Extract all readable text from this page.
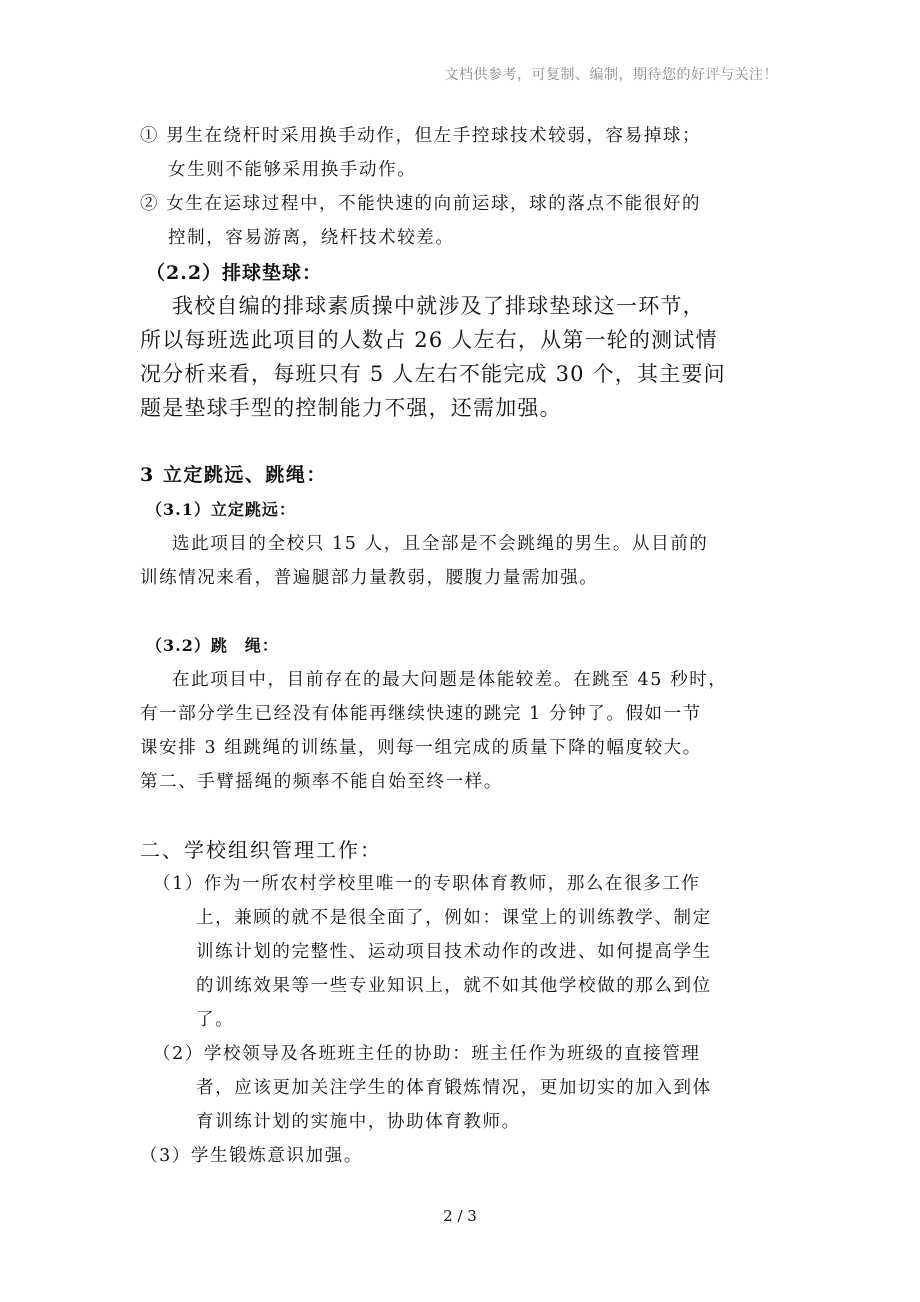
文档供参考，可复制、编制，期待您的好评与关注！
① 男生在绕杆时采用换手动作，但左手控球技术较弱，容易掉球；
女生则不能够采用换手动作。
② 女生在运球过程中，不能快速的向前运球，球的落点不能很好的
控制，容易游离，绕杆技术较差。
（2.2）排球垫球：
我校自编的排球素质操中就涉及了排球垫球这一环节，
所以每班选此项目的人数占 26 人左右，从第一轮的测试情
况分析来看，每班只有 5 人左右不能完成 30 个，其主要问
题是垫球手型的控制能力不强，还需加强。
3 立定跳远、跳绳：
（3.1）立定跳远：
选此项目的全校只 15 人，且全部是不会跳绳的男生。从目前的
训练情况来看，普遍腿部力量教弱，腰腹力量需加强。
（3.2）跳　绳：
在此项目中，目前存在的最大问题是体能较差。在跳至 45 秒时，
有一部分学生已经没有体能再继续快速的跳完 1 分钟了。假如一节
课安排 3 组跳绳的训练量，则每一组完成的质量下降的幅度较大。
第二、手臂摇绳的频率不能自始至终一样。
二、学校组织管理工作：
（1）作为一所农村学校里唯一的专职体育教师，那么在很多工作
上，兼顾的就不是很全面了，例如：课堂上的训练教学、制定
训练计划的完整性、运动项目技术动作的改进、如何提高学生
的训练效果等一些专业知识上，就不如其他学校做的那么到位
了。
（2）学校领导及各班班主任的协助：班主任作为班级的直接管理
者，应该更加关注学生的体育锻炼情况，更加切实的加入到体
育训练计划的实施中，协助体育教师。
（3）学生锻炼意识加强。
2 / 3
